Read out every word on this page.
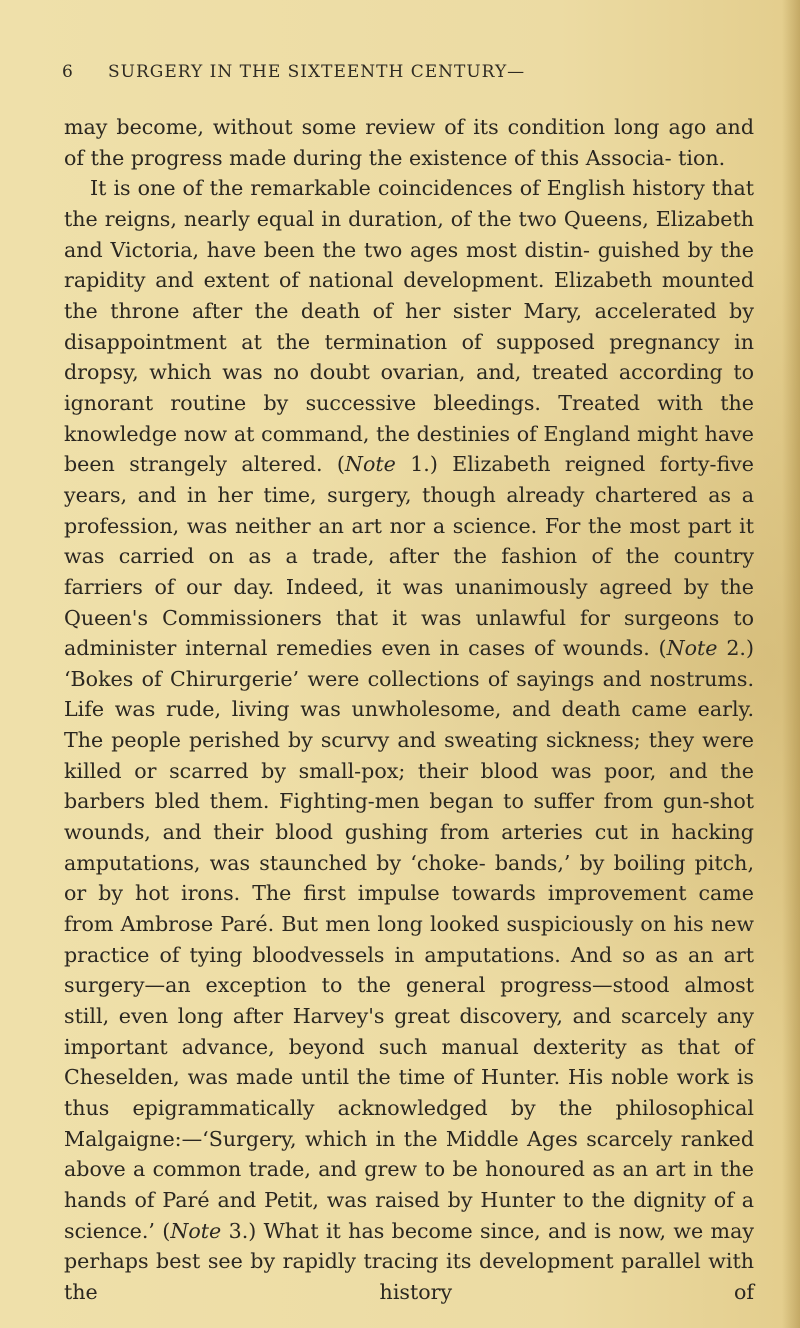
6 SURGERY IN THE SIXTEENTH CENTURY—

may become, without some review of its condition long ago and of the progress made during the existence of this Associa- tion.

It is one of the remarkable coincidences of English history that the reigns, nearly equal in duration, of the two Queens, Elizabeth and Victoria, have been the two ages most distin- guished by the rapidity and extent of national development. Elizabeth mounted the throne after the death of her sister Mary, accelerated by disappointment at the termination of supposed pregnancy in dropsy, which was no doubt ovarian, and, treated according to ignorant routine by successive bleedings. Treated with the knowledge now at command, the destinies of England might have been strangely altered. (Note 1.) Elizabeth reigned forty-five years, and in her time, surgery, though already chartered as a profession, was neither an art nor a science. For the most part it was carried on as a trade, after the fashion of the country farriers of our day. Indeed, it was unanimously agreed by the Queen's Commissioners that it was unlawful for surgeons to administer internal remedies even in cases of wounds. (Note 2.) ‘Bokes of Chirurgerie’ were collections of sayings and nostrums. Life was rude, living was unwholesome, and death came early. The people perished by scurvy and sweating sickness; they were killed or scarred by small-pox; their blood was poor, and the barbers bled them. Fighting-men began to suffer from gun-shot wounds, and their blood gushing from arteries cut in hacking amputations, was staunched by ‘choke- bands,’ by boiling pitch, or by hot irons. The first impulse towards improvement came from Ambrose Paré. But men long looked suspiciously on his new practice of tying bloodvessels in amputations. And so as an art surgery—an exception to the general progress—stood almost still, even long after Harvey's great discovery, and scarcely any important advance, beyond such manual dexterity as that of Cheselden, was made until the time of Hunter. His noble work is thus epigrammatically acknowledged by the philosophical Malgaigne:—‘Surgery, which in the Middle Ages scarcely ranked above a common trade, and grew to be honoured as an art in the hands of Paré and Petit, was raised by Hunter to the dignity of a science.’ (Note 3.) What it has become since, and is now, we may perhaps best see by rapidly tracing its development parallel with the history of
